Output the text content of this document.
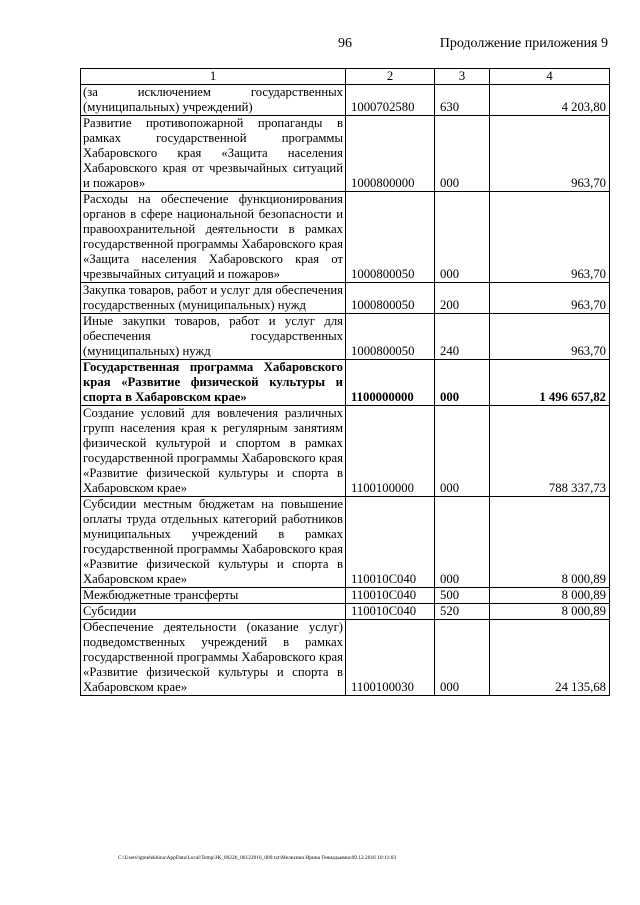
96	Продолжение приложения 9
1	2	3	4
(за исключением государственных (муниципальных) учреждений)	1000702580	630	4 203,80
Развитие противопожарной пропаганды в рамках государственной программы Хабаровского края «Защита населения Хабаровского края от чрезвычайных ситуаций и пожаров»	1000800000	000	963,70
Расходы на обеспечение функционирования органов в сфере национальной безопасности и правоохранительной деятельности в рамках государственной программы Хабаровского края «Защита населения Хабаровского края от чрезвычайных ситуаций и пожаров»	1000800050	000	963,70
Закупка товаров, работ и услуг для обеспечения государственных (муниципальных) нужд	1000800050	200	963,70
Иные закупки товаров, работ и услуг для обеспечения государственных (муниципальных) нужд	1000800050	240	963,70
Государственная программа Хабаровского края «Развитие физической культуры и спорта в Хабаровском крае»	1100000000	000	1 496 657,82
Создание условий для вовлечения различных групп населения края к регулярным занятиям физической культурой и спортом в рамках государственной программы Хабаровского края «Развитие физической культуры и спорта в Хабаровском крае»	1100100000	000	788 337,73
Субсидии местным бюджетам на повышение оплаты труда отдельных категорий работников муниципальных учреждений в рамках государственной программы Хабаровского края «Развитие физической культуры и спорта в Хабаровском крае»	110010С040	000	8 000,89
Межбюджетные трансферты	110010С040	500	8 000,89
Субсидии	110010С040	520	8 000,89
Обеспечение деятельности (оказание услуг) подведомственных учреждений в рамках государственной программы Хабаровского края «Развитие физической культуры и спорта в Хабаровском крае»	1100100030	000	24 135,68
C:\Users\igmelekhina\AppData\Local\Temp\ЗК_00226_06122016_009.txt\Мелехина Ирина Геннадьевна\09.12.2016 10:11:03
